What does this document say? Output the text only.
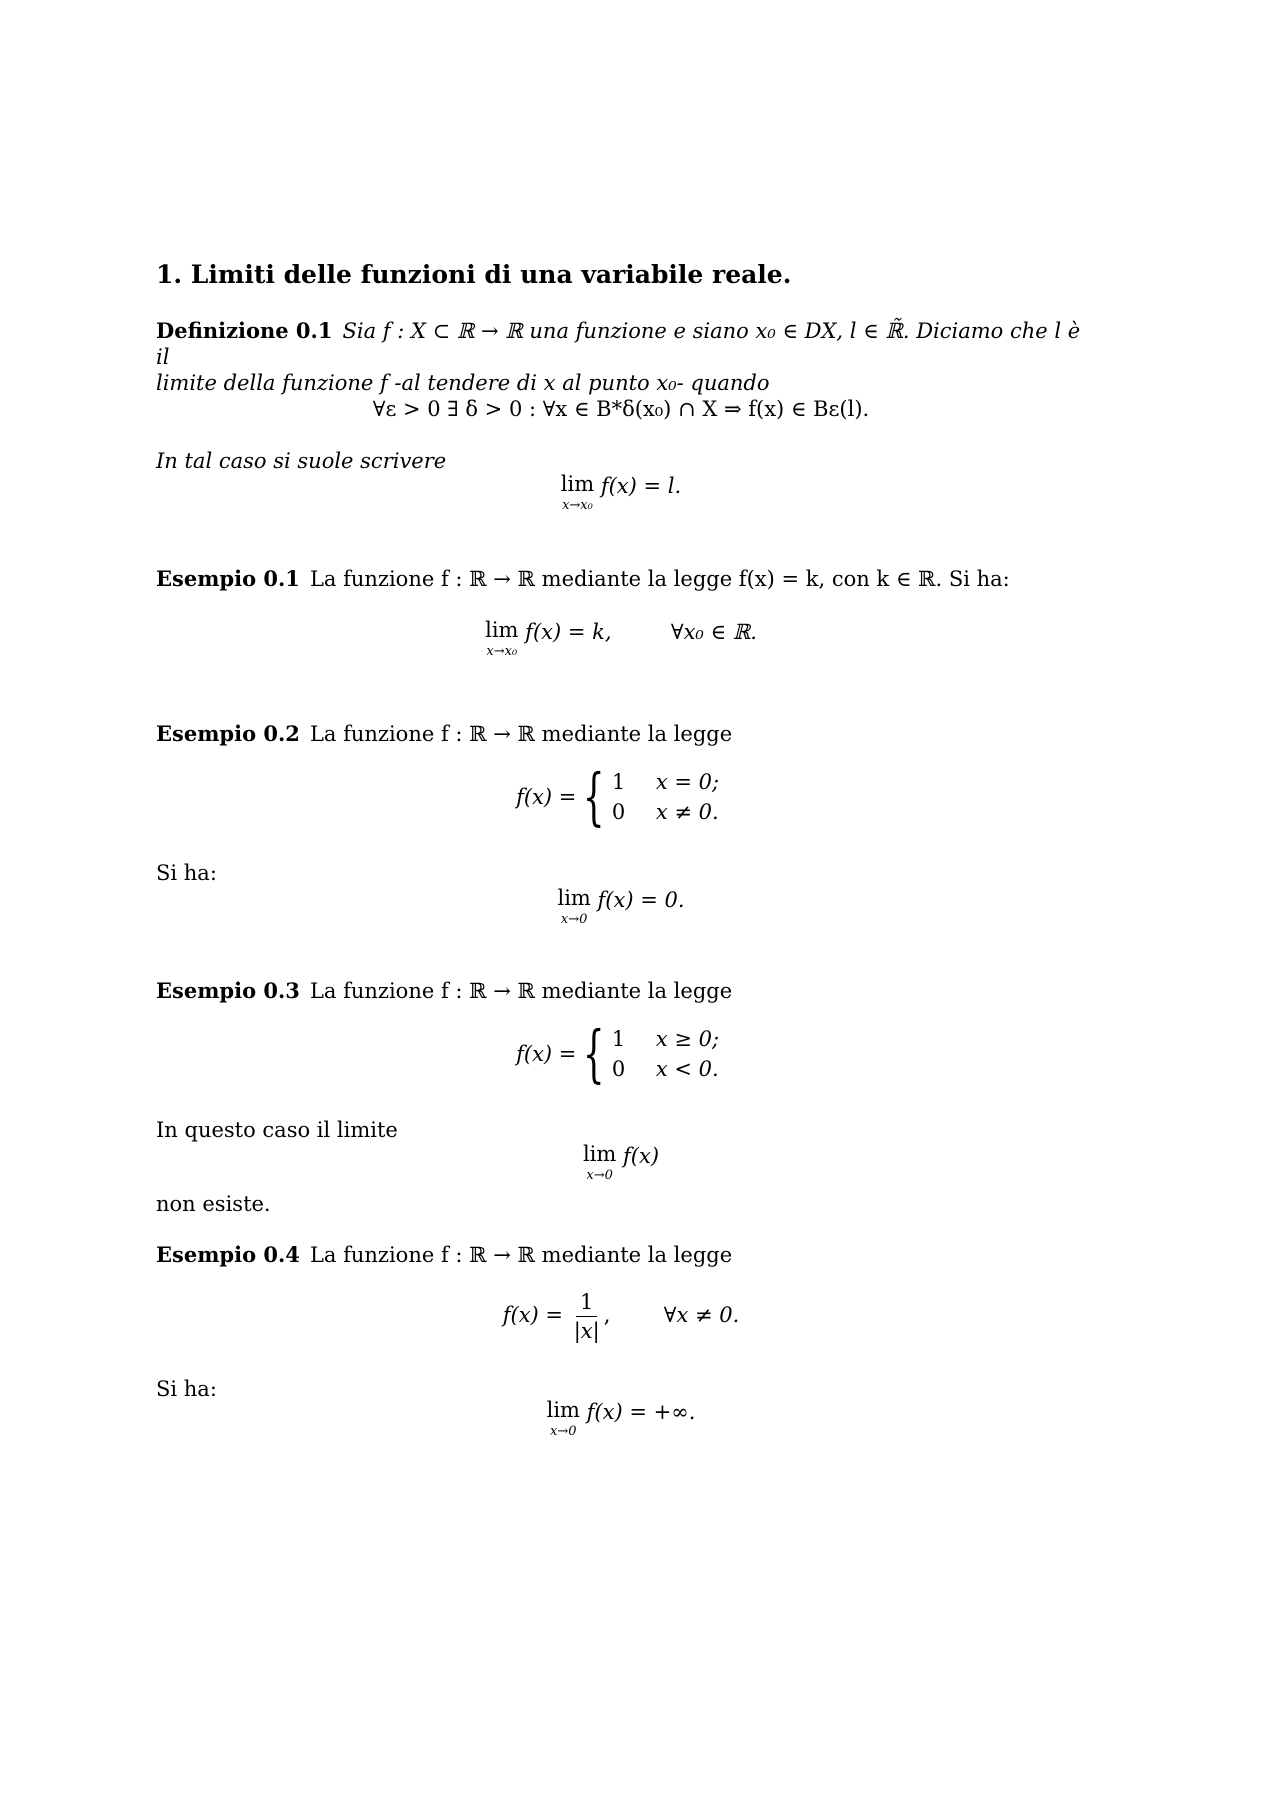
1. Limiti delle funzioni di una variabile reale.
Definizione 0.1 Sia f : X ⊂ ℝ → ℝ una funzione e siano x₀ ∈ DX, l ∈ ℝ̃. Diciamo che l è il
limite della funzione f -al tendere di x al punto x₀- quando
∀ε > 0 ∃ δ > 0 : ∀x ∈ B*δ(x₀) ∩ X ⇒ f(x) ∈ Bε(l).
In tal caso si suole scrivere
lim
x→x₀
f(x) = l.
Esempio 0.1 La funzione f : ℝ → ℝ mediante la legge f(x) = k, con k ∈ ℝ. Si ha:
lim
x→x₀
f(x) = k,	∀x₀ ∈ ℝ.
Esempio 0.2 La funzione f : ℝ → ℝ mediante la legge
f(x) = { 1	x = 0;
0	x ≠ 0.
Si ha:
lim
x→0
f(x) = 0.
Esempio 0.3 La funzione f : ℝ → ℝ mediante la legge
f(x) = { 1	x ≥ 0;
0	x < 0.
In questo caso il limite
lim
x→0
f(x)
non esiste.
Esempio 0.4 La funzione f : ℝ → ℝ mediante la legge
$f(x) = \frac{1}{|x|}$ ,	∀x ≠ 0.
Si ha:
lim
x→0
f(x) = +∞.
